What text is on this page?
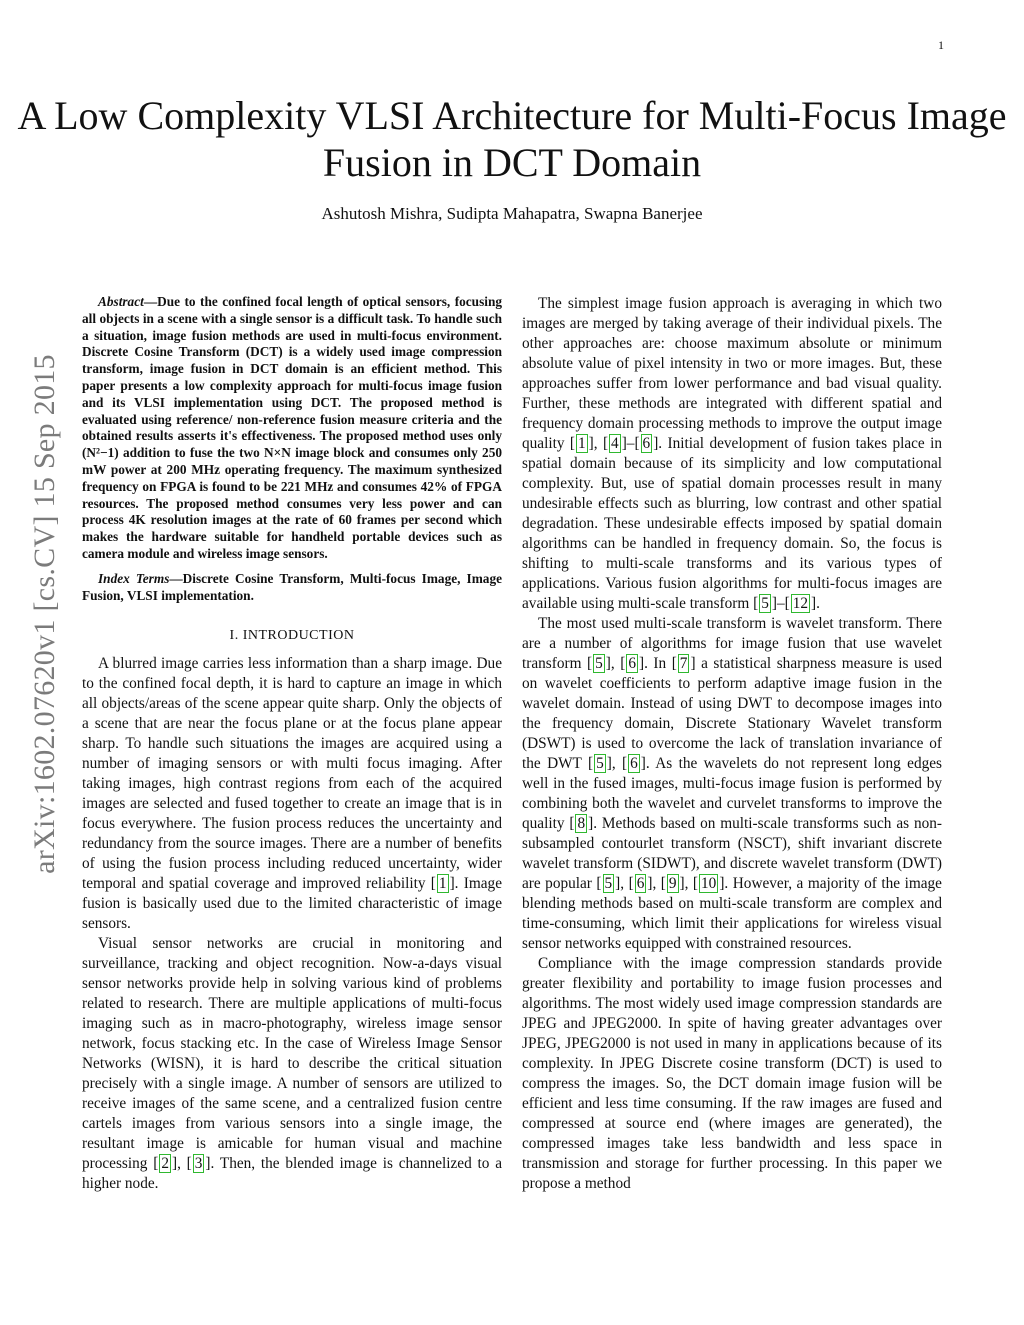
1
arXiv:1602.07620v1 [cs.CV] 15 Sep 2015
A Low Complexity VLSI Architecture for Multi-Focus Image Fusion in DCT Domain
Ashutosh Mishra, Sudipta Mahapatra, Swapna Banerjee

Abstract—Due to the confined focal length of optical sensors, focusing all objects in a scene with a single sensor is a difficult task. To handle such a situation, image fusion methods are used in multi-focus environment. Discrete Cosine Transform (DCT) is a widely used image compression transform, image fusion in DCT domain is an efficient method. This paper presents a low complexity approach for multi-focus image fusion and its VLSI implementation using DCT. The proposed method is evaluated using reference/ non-reference fusion measure criteria and the obtained results asserts it's effectiveness. The proposed method uses only (N²−1) addition to fuse the two N×N image block and consumes only 250 mW power at 200 MHz operating frequency. The maximum synthesized frequency on FPGA is found to be 221 MHz and consumes 42% of FPGA resources. The proposed method consumes very less power and can process 4K resolution images at the rate of 60 frames per second which makes the hardware suitable for handheld portable devices such as camera module and wireless image sensors.

Index Terms—Discrete Cosine Transform, Multi-focus Image, Image Fusion, VLSI implementation.

I. INTRODUCTION

A blurred image carries less information than a sharp image. Due to the confined focal depth, it is hard to capture an image in which all objects/areas of the scene appear quite sharp. Only the objects of a scene that are near the focus plane or at the focus plane appear sharp. To handle such situations the images are acquired using a number of imaging sensors or with multi focus imaging. After taking images, high contrast regions from each of the acquired images are selected and fused together to create an image that is in focus everywhere. The fusion process reduces the uncertainty and redundancy from the source images. There are a number of benefits of using the fusion process including reduced uncertainty, wider temporal and spatial coverage and improved reliability [ 1 ]. Image fusion is basically used due to the limited characteristic of image sensors.

Visual sensor networks are crucial in monitoring and surveillance, tracking and object recognition. Now-a-days visual sensor networks provide help in solving various kind of problems related to research. There are multiple applications of multi-focus imaging such as in macro-photography, wireless image sensor network, focus stacking etc. In the case of Wireless Image Sensor Networks (WISN), it is hard to describe the critical situation precisely with a single image. A number of sensors are utilized to receive images of the same scene, and a centralized fusion centre cartels images from various sensors into a single image, the resultant image is amicable for human visual and machine processing [ 2 ], [ 3 ]. Then, the blended image is channelized to a higher node.

The simplest image fusion approach is averaging in which two images are merged by taking average of their individual pixels. The other approaches are: choose maximum absolute or minimum absolute value of pixel intensity in two or more images. But, these approaches suffer from lower performance and bad visual quality. Further, these methods are integrated with different spatial and frequency domain processing methods to improve the output image quality [ 1 ], [ 4 ]–[ 6 ]. Initial development of fusion takes place in spatial domain because of its simplicity and low computational complexity. But, use of spatial domain processes result in many undesirable effects such as blurring, low contrast and other spatial degradation. These undesirable effects imposed by spatial domain algorithms can be handled in frequency domain. So, the focus is shifting to multi-scale transforms and its various types of applications. Various fusion algorithms for multi-focus images are available using multi-scale transform [ 5 ]–[ 12 ].

The most used multi-scale transform is wavelet transform. There are a number of algorithms for image fusion that use wavelet transform [ 5 ], [ 6 ]. In [ 7 ] a statistical sharpness measure is used on wavelet coefficients to perform adaptive image fusion in the wavelet domain. Instead of using DWT to decompose images into the frequency domain, Discrete Stationary Wavelet transform (DSWT) is used to overcome the lack of translation invariance of the DWT [ 5 ], [ 6 ]. As the wavelets do not represent long edges well in the fused images, multi-focus image fusion is performed by combining both the wavelet and curvelet transforms to improve the quality [ 8 ]. Methods based on multi-scale transforms such as non-subsampled contourlet transform (NSCT), shift invariant discrete wavelet transform (SIDWT), and discrete wavelet transform (DWT) are popular [ 5 ], [ 6 ], [ 9 ], [ 10 ]. However, a majority of the image blending methods based on multi-scale transform are complex and time-consuming, which limit their applications for wireless visual sensor networks equipped with constrained resources.

Compliance with the image compression standards provide greater flexibility and portability to image fusion processes and algorithms. The most widely used image compression standards are JPEG and JPEG2000. In spite of having greater advantages over JPEG, JPEG2000 is not used in many in applications because of its complexity. In JPEG Discrete cosine transform (DCT) is used to compress the images. So, the DCT domain image fusion will be efficient and less time consuming. If the raw images are fused and compressed at source end (where images are generated), the compressed images take less bandwidth and less space in transmission and storage for further processing. In this paper we propose a method
